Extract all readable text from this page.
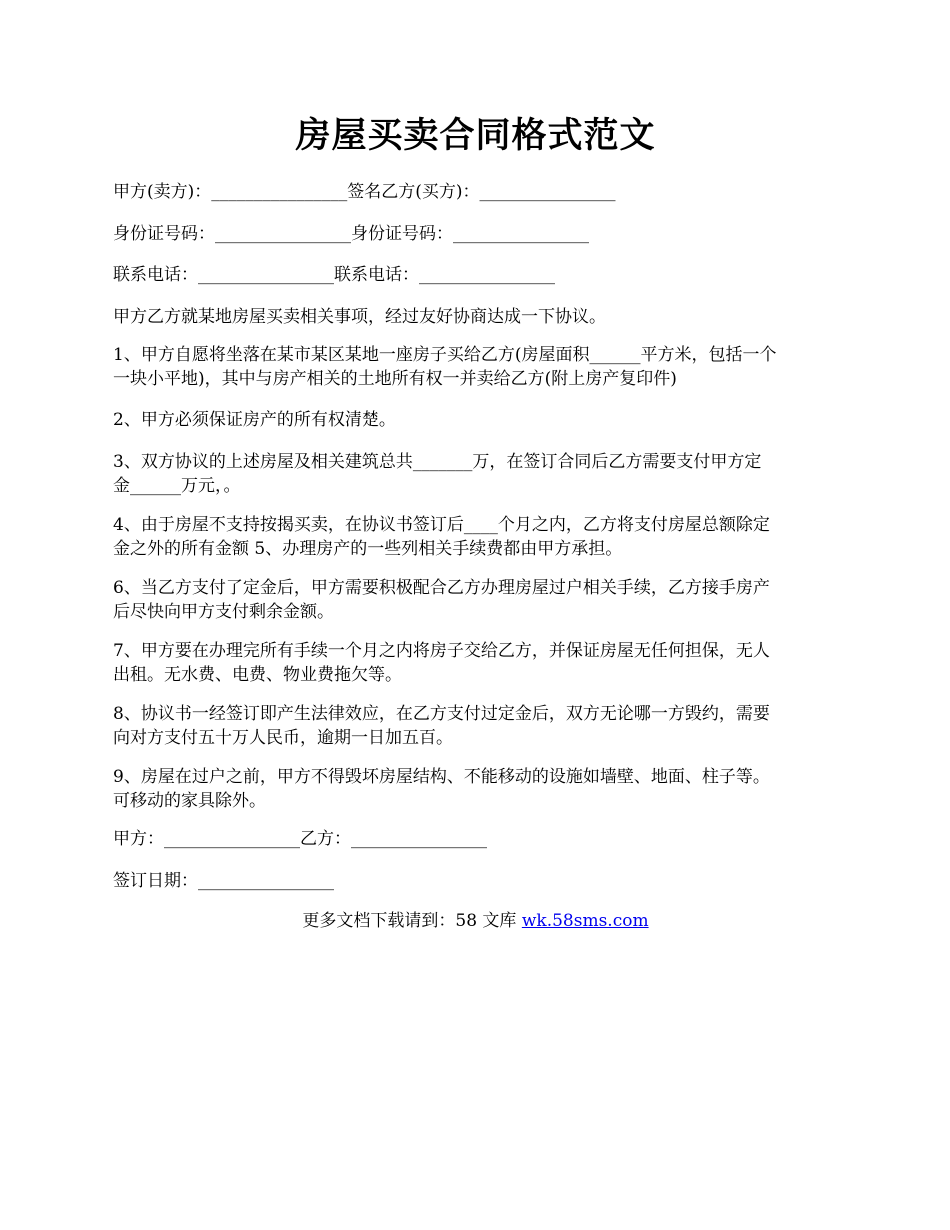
房屋买卖合同格式范文
甲方(卖方)：________________签名乙方(买方)：________________
身份证号码：________________身份证号码：________________
联系电话：________________联系电话：________________
甲方乙方就某地房屋买卖相关事项，经过友好协商达成一下协议。
1、甲方自愿将坐落在某市某区某地一座房子买给乙方(房屋面积______平方米，包括一个
一块小平地)，其中与房产相关的土地所有权一并卖给乙方(附上房产复印件)
2、甲方必须保证房产的所有权清楚。
3、双方协议的上述房屋及相关建筑总共_______万，在签订合同后乙方需要支付甲方定
金______万元，。
4、由于房屋不支持按揭买卖，在协议书签订后____个月之内，乙方将支付房屋总额除定
金之外的所有金额 5、办理房产的一些列相关手续费都由甲方承担。
6、当乙方支付了定金后，甲方需要积极配合乙方办理房屋过户相关手续，乙方接手房产
后尽快向甲方支付剩余金额。
7、甲方要在办理完所有手续一个月之内将房子交给乙方，并保证房屋无任何担保，无人
出租。无水费、电费、物业费拖欠等。
8、协议书一经签订即产生法律效应，在乙方支付过定金后，双方无论哪一方毁约，需要
向对方支付五十万人民币，逾期一日加五百。
9、房屋在过户之前，甲方不得毁坏房屋结构、不能移动的设施如墙壁、地面、柱子等。
可移动的家具除外。
甲方：________________乙方：________________
签订日期：________________
更多文档下载请到：58 文库 wk.58sms.com
